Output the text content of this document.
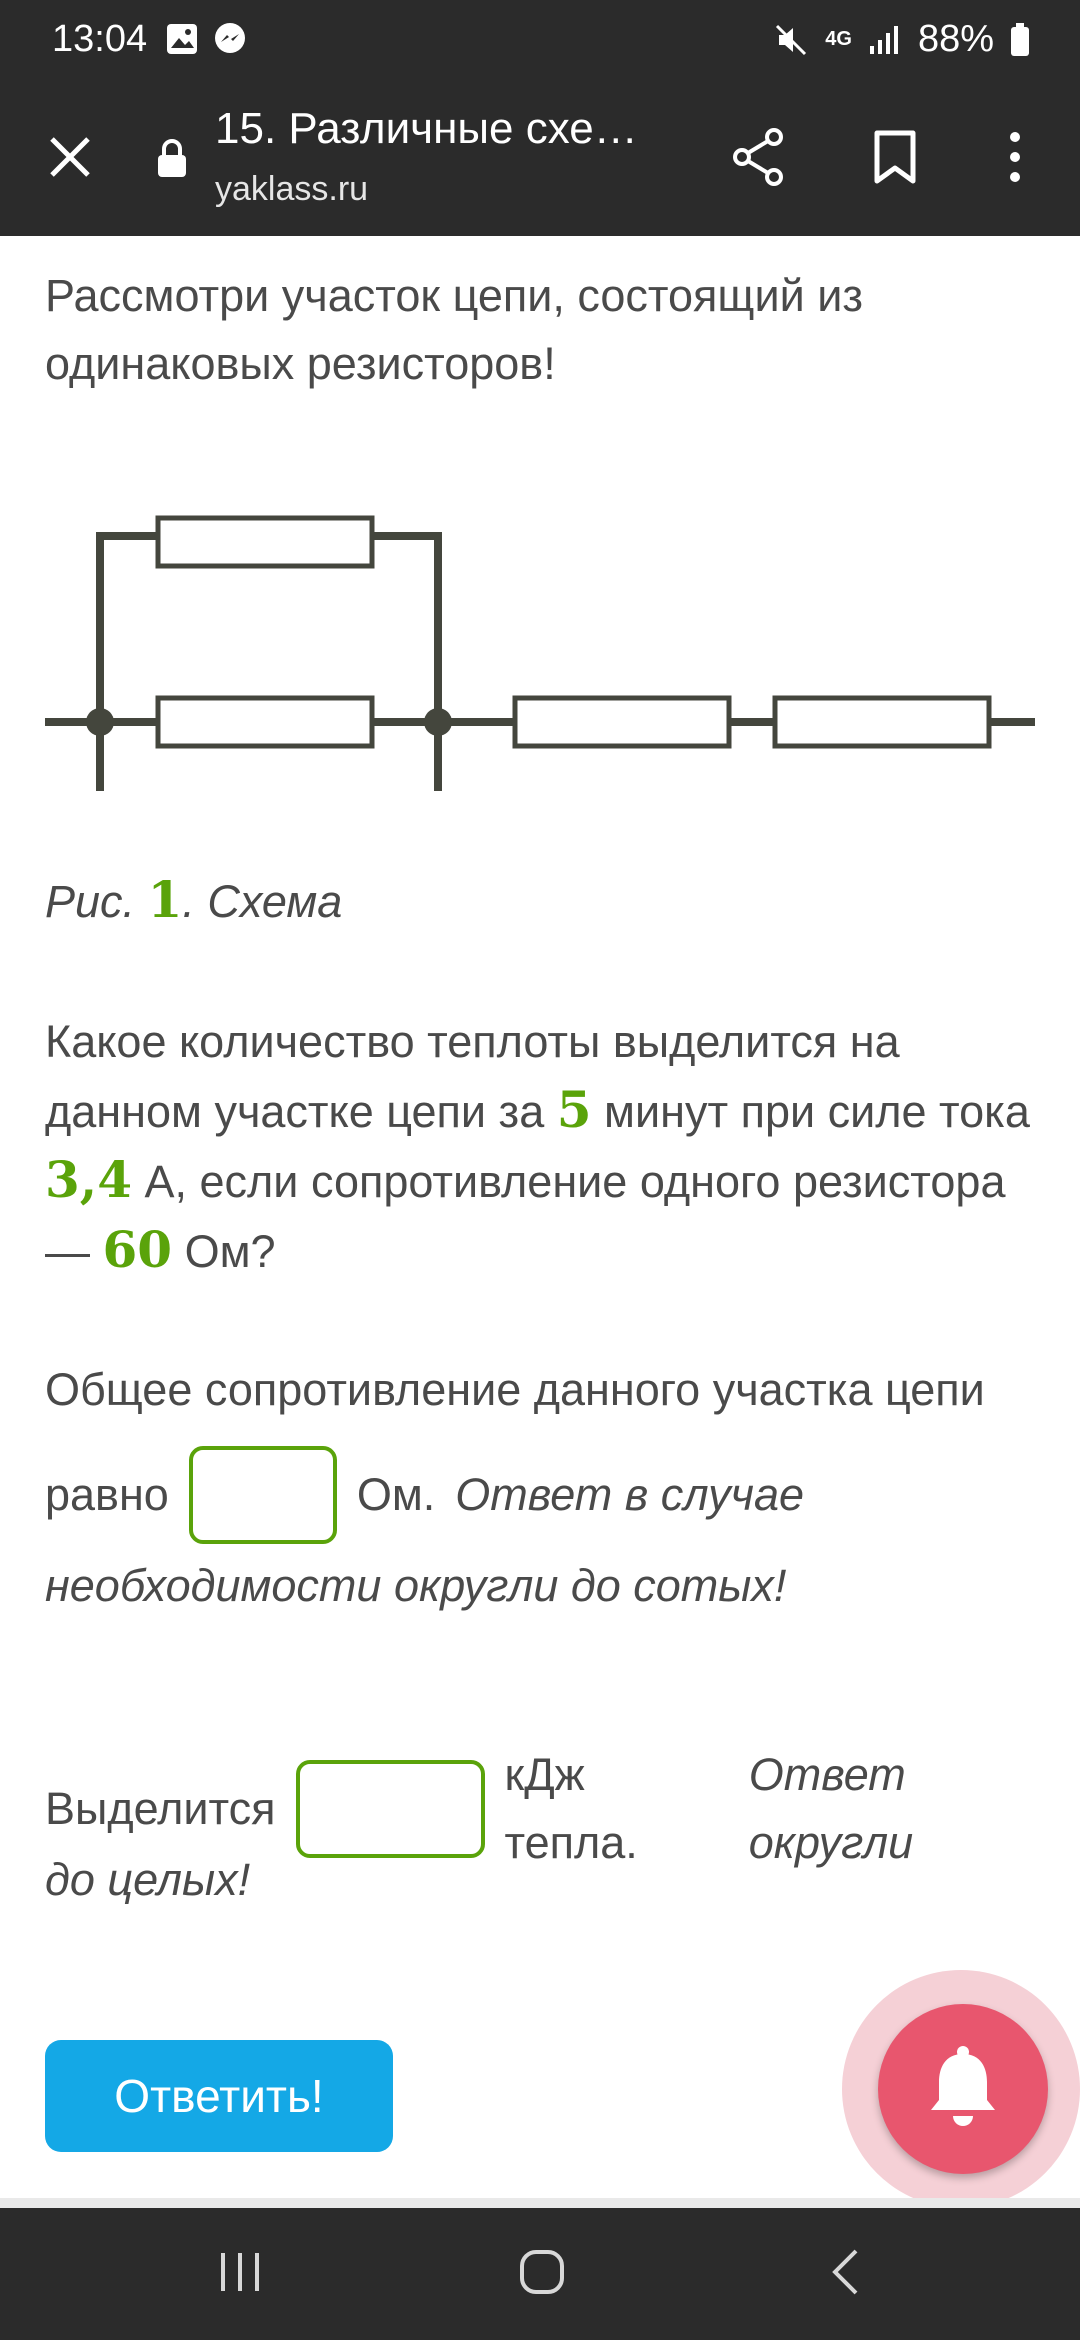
13:04	4G 88%
15. Различные схе…
yaklass.ru
Рассмотри участок цепи, состоящий из одинаковых резисторов!
Рис. 1. Схема
Какое количество теплоты выделится на данном участке цепи за 5 минут при силе тока 3,4 А, если сопротивление одного резистора — 60 Ом?
Общее сопротивление данного участка цепи
равно	Ом. Ответ в случае
необходимости округли до сотых!
Выделится
кДж тепла.
Ответ округли
до целых!
Ответить!
